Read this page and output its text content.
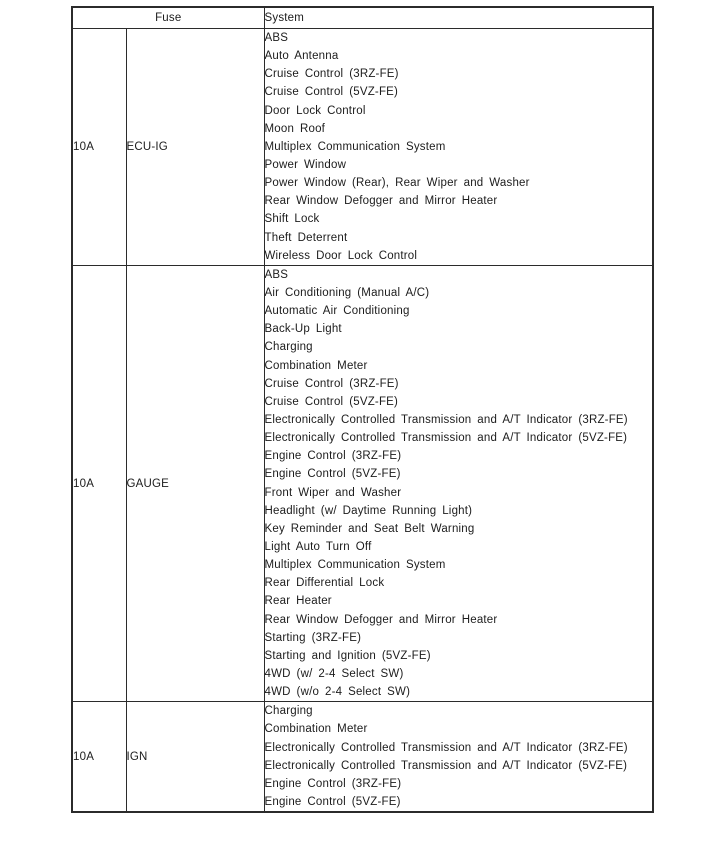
Fuse		System
10A	ECU-IG	
ABS
Auto Antenna
Cruise Control (3RZ-FE)
Cruise Control (5VZ-FE)
Door Lock Control
Moon Roof
Multiplex Communication System
Power Window
Power Window (Rear), Rear Wiper and Washer
Rear Window Defogger and Mirror Heater
Shift Lock
Theft Deterrent
Wireless Door Lock Control

10A	GAUGE	
ABS
Air Conditioning (Manual A/C)
Automatic Air Conditioning
Back-Up Light
Charging
Combination Meter
Cruise Control (3RZ-FE)
Cruise Control (5VZ-FE)
Electronically Controlled Transmission and A/T Indicator (3RZ-FE)
Electronically Controlled Transmission and A/T Indicator (5VZ-FE)
Engine Control (3RZ-FE)
Engine Control (5VZ-FE)
Front Wiper and Washer
Headlight (w/ Daytime Running Light)
Key Reminder and Seat Belt Warning
Light Auto Turn Off
Multiplex Communication System
Rear Differential Lock
Rear Heater
Rear Window Defogger and Mirror Heater
Starting (3RZ-FE)
Starting and Ignition (5VZ-FE)
4WD (w/ 2-4 Select SW)
4WD (w/o 2-4 Select SW)

10A	IGN	
Charging
Combination Meter
Electronically Controlled Transmission and A/T Indicator (3RZ-FE)
Electronically Controlled Transmission and A/T Indicator (5VZ-FE)
Engine Control (3RZ-FE)
Engine Control (5VZ-FE)
